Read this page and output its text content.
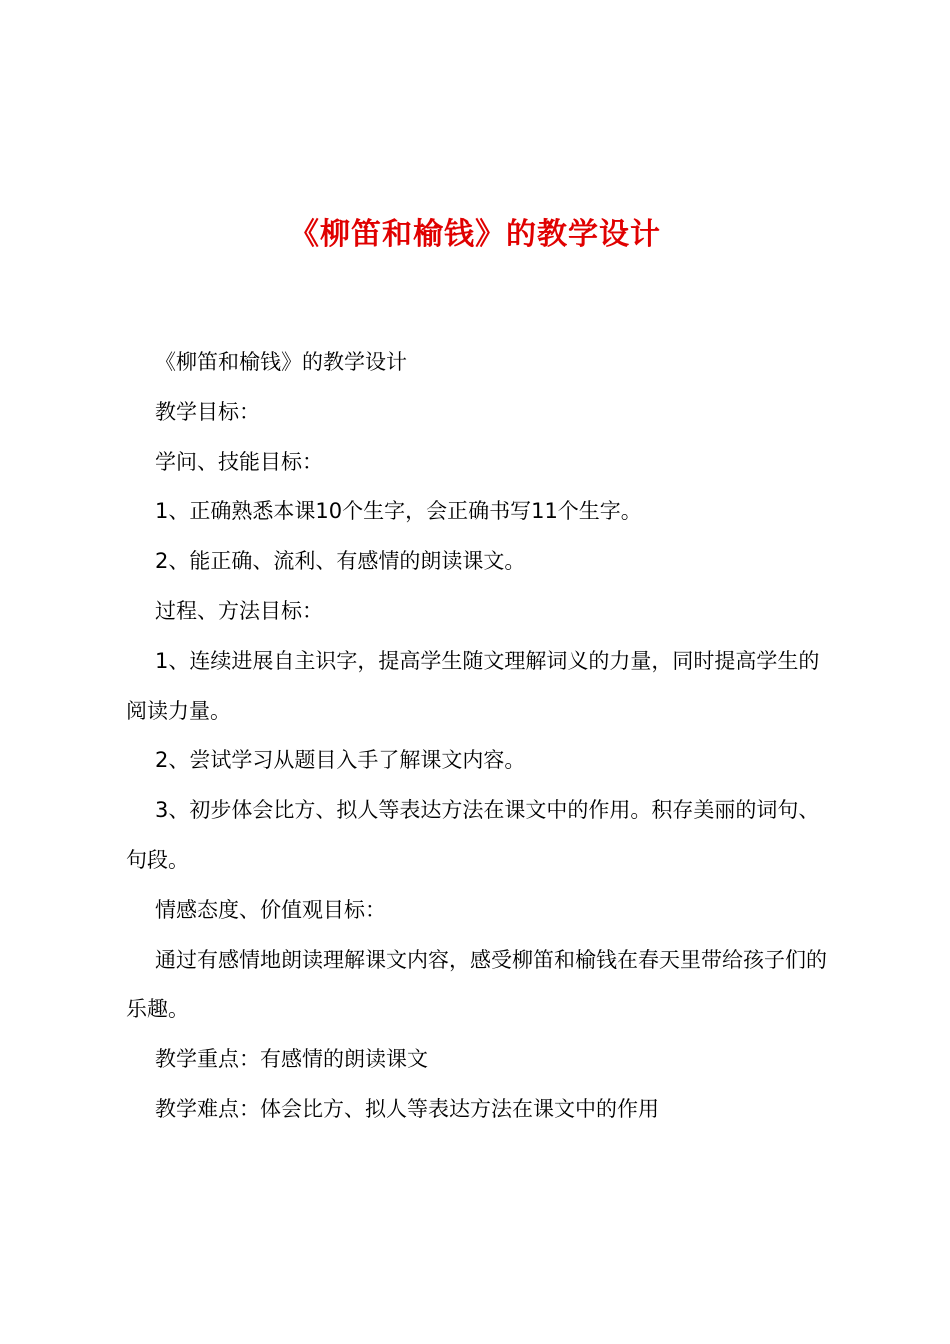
《柳笛和榆钱》的教学设计

《柳笛和榆钱》的教学设计

教学目标：

学问、技能目标：

1、正确熟悉本课10个生字，会正确书写11个生字。

2、能正确、流利、有感情的朗读课文。

过程、方法目标：

1、连续进展自主识字，提高学生随文理解词义的力量，同时提高学生的阅读力量。

2、尝试学习从题目入手了解课文内容。

3、初步体会比方、拟人等表达方法在课文中的作用。积存美丽的词句、句段。

情感态度、价值观目标：

通过有感情地朗读理解课文内容，感受柳笛和榆钱在春天里带给孩子们的乐趣。

教学重点：有感情的朗读课文

教学难点：体会比方、拟人等表达方法在课文中的作用
